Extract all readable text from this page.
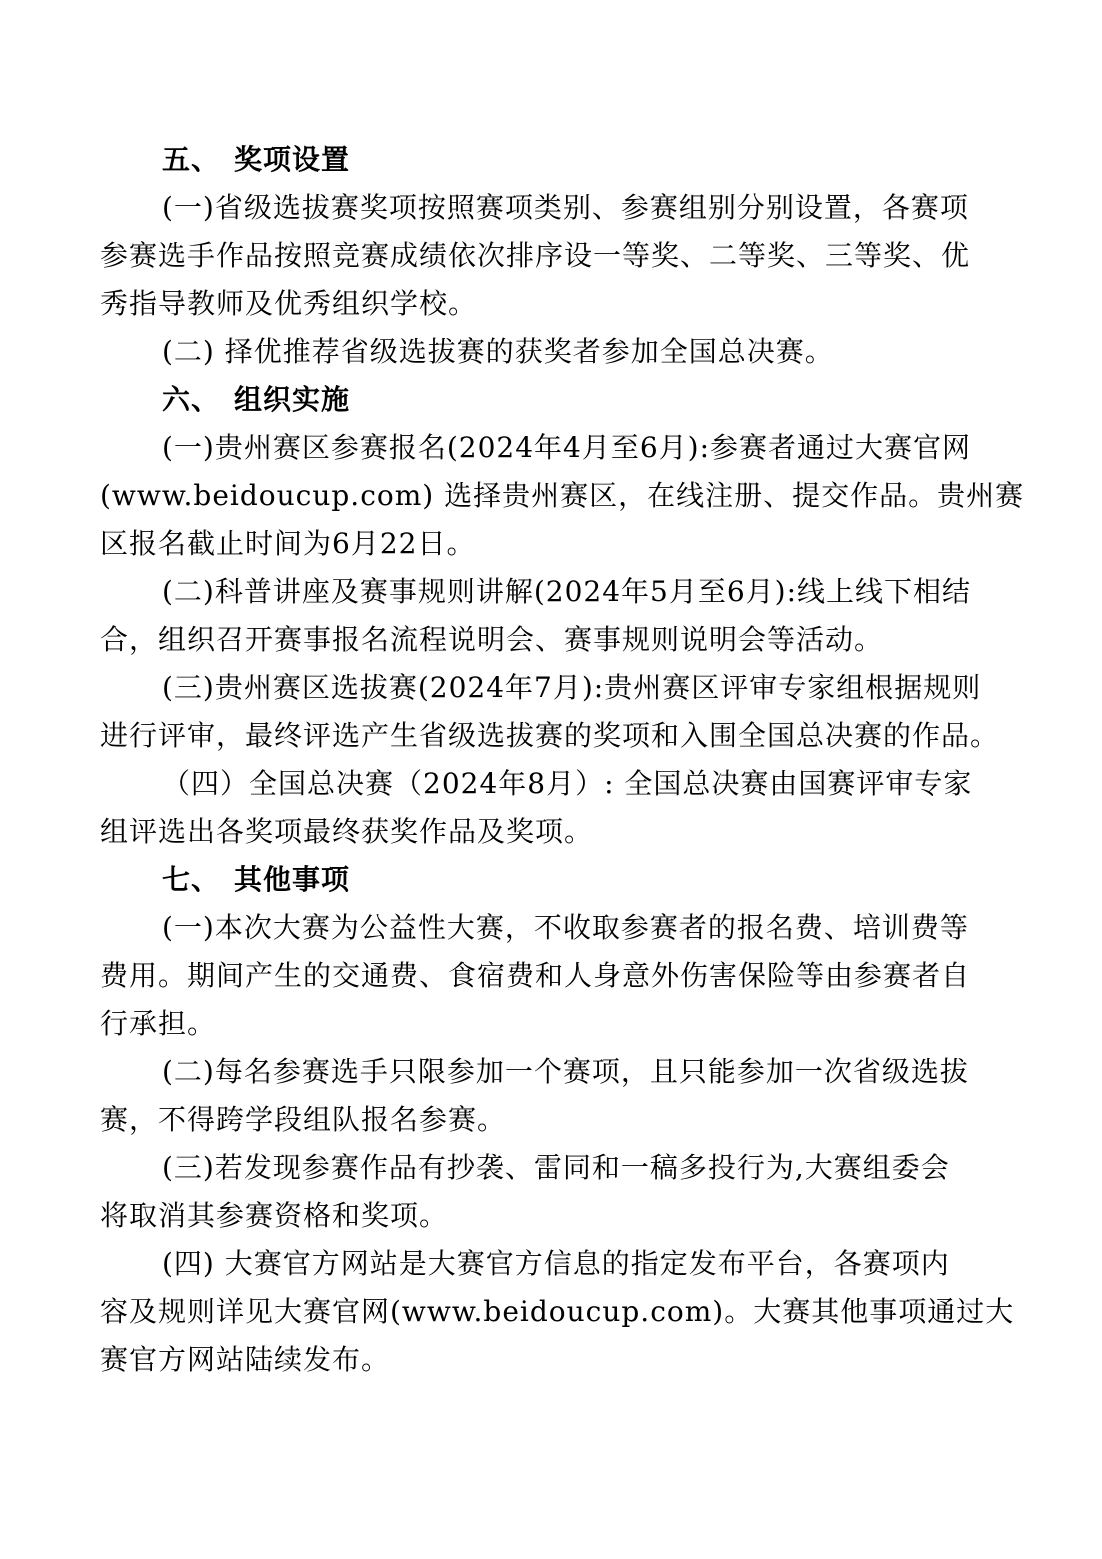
五、 奖项设置
(一)省级选拔赛奖项按照赛项类别、参赛组别分别设置，各赛项
参赛选手作品按照竞赛成绩依次排序设一等奖、二等奖、三等奖、优
秀指导教师及优秀组织学校。
(二) 择优推荐省级选拔赛的获奖者参加全国总决赛。
六、 组织实施
(一)贵州赛区参赛报名(2024年4月至6月):参赛者通过大赛官网
(www.beidoucup.com) 选择贵州赛区，在线注册、提交作品。贵州赛
区报名截止时间为6月22日。
(二)科普讲座及赛事规则讲解(2024年5月至6月):线上线下相结
合，组织召开赛事报名流程说明会、赛事规则说明会等活动。
(三)贵州赛区选拔赛(2024年7月):贵州赛区评审专家组根据规则
进行评审，最终评选产生省级选拔赛的奖项和入围全国总决赛的作品。
（四）全国总决赛（2024年8月）: 全国总决赛由国赛评审专家
组评选出各奖项最终获奖作品及奖项。
七、 其他事项
(一)本次大赛为公益性大赛，不收取参赛者的报名费、培训费等
费用。期间产生的交通费、食宿费和人身意外伤害保险等由参赛者自
行承担。
(二)每名参赛选手只限参加一个赛项，且只能参加一次省级选拔
赛，不得跨学段组队报名参赛。
(三)若发现参赛作品有抄袭、雷同和一稿多投行为,大赛组委会
将取消其参赛资格和奖项。
(四) 大赛官方网站是大赛官方信息的指定发布平台，各赛项内
容及规则详见大赛官网(www.beidoucup.com)。大赛其他事项通过大
赛官方网站陆续发布。
